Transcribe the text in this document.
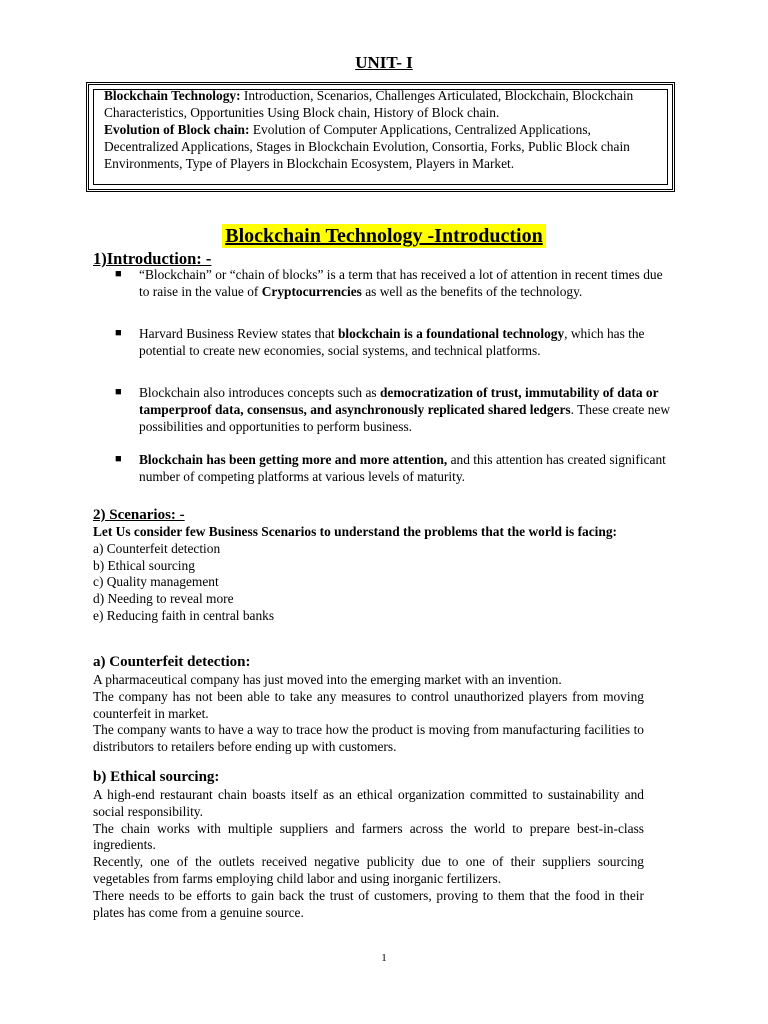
UNIT- I
Blockchain Technology: Introduction, Scenarios, Challenges Articulated, Blockchain, Blockchain Characteristics, Opportunities Using Block chain, History of Block chain.
Evolution of Block chain: Evolution of Computer Applications, Centralized Applications, Decentralized Applications, Stages in Blockchain Evolution, Consortia, Forks, Public Block chain Environments, Type of Players in Blockchain Ecosystem, Players in Market.
Blockchain Technology -Introduction
1)Introduction: -
■ “Blockchain” or “chain of blocks” is a term that has received a lot of attention in recent times due to raise in the value of Cryptocurrencies as well as the benefits of the technology.
■ Harvard Business Review states that blockchain is a foundational technology, which has the potential to create new economies, social systems, and technical platforms.
■ Blockchain also introduces concepts such as democratization of trust, immutability of data or tamperproof data, consensus, and asynchronously replicated shared ledgers. These create new possibilities and opportunities to perform business.
■ Blockchain has been getting more and more attention, and this attention has created significant number of competing platforms at various levels of maturity.
2) Scenarios: -
Let Us consider few Business Scenarios to understand the problems that the world is facing:
a) Counterfeit detection
b) Ethical sourcing
c) Quality management
d) Needing to reveal more
e) Reducing faith in central banks
a) Counterfeit detection:
A pharmaceutical company has just moved into the emerging market with an invention.
The company has not been able to take any measures to control unauthorized players from moving counterfeit in market.
The company wants to have a way to trace how the product is moving from manufacturing facilities to distributors to retailers before ending up with customers.
b) Ethical sourcing:
A high-end restaurant chain boasts itself as an ethical organization committed to sustainability and social responsibility.
The chain works with multiple suppliers and farmers across the world to prepare best-in-class ingredients.
Recently, one of the outlets received negative publicity due to one of their suppliers sourcing vegetables from farms employing child labor and using inorganic fertilizers.
There needs to be efforts to gain back the trust of customers, proving to them that the food in their plates has come from a genuine source.
1
